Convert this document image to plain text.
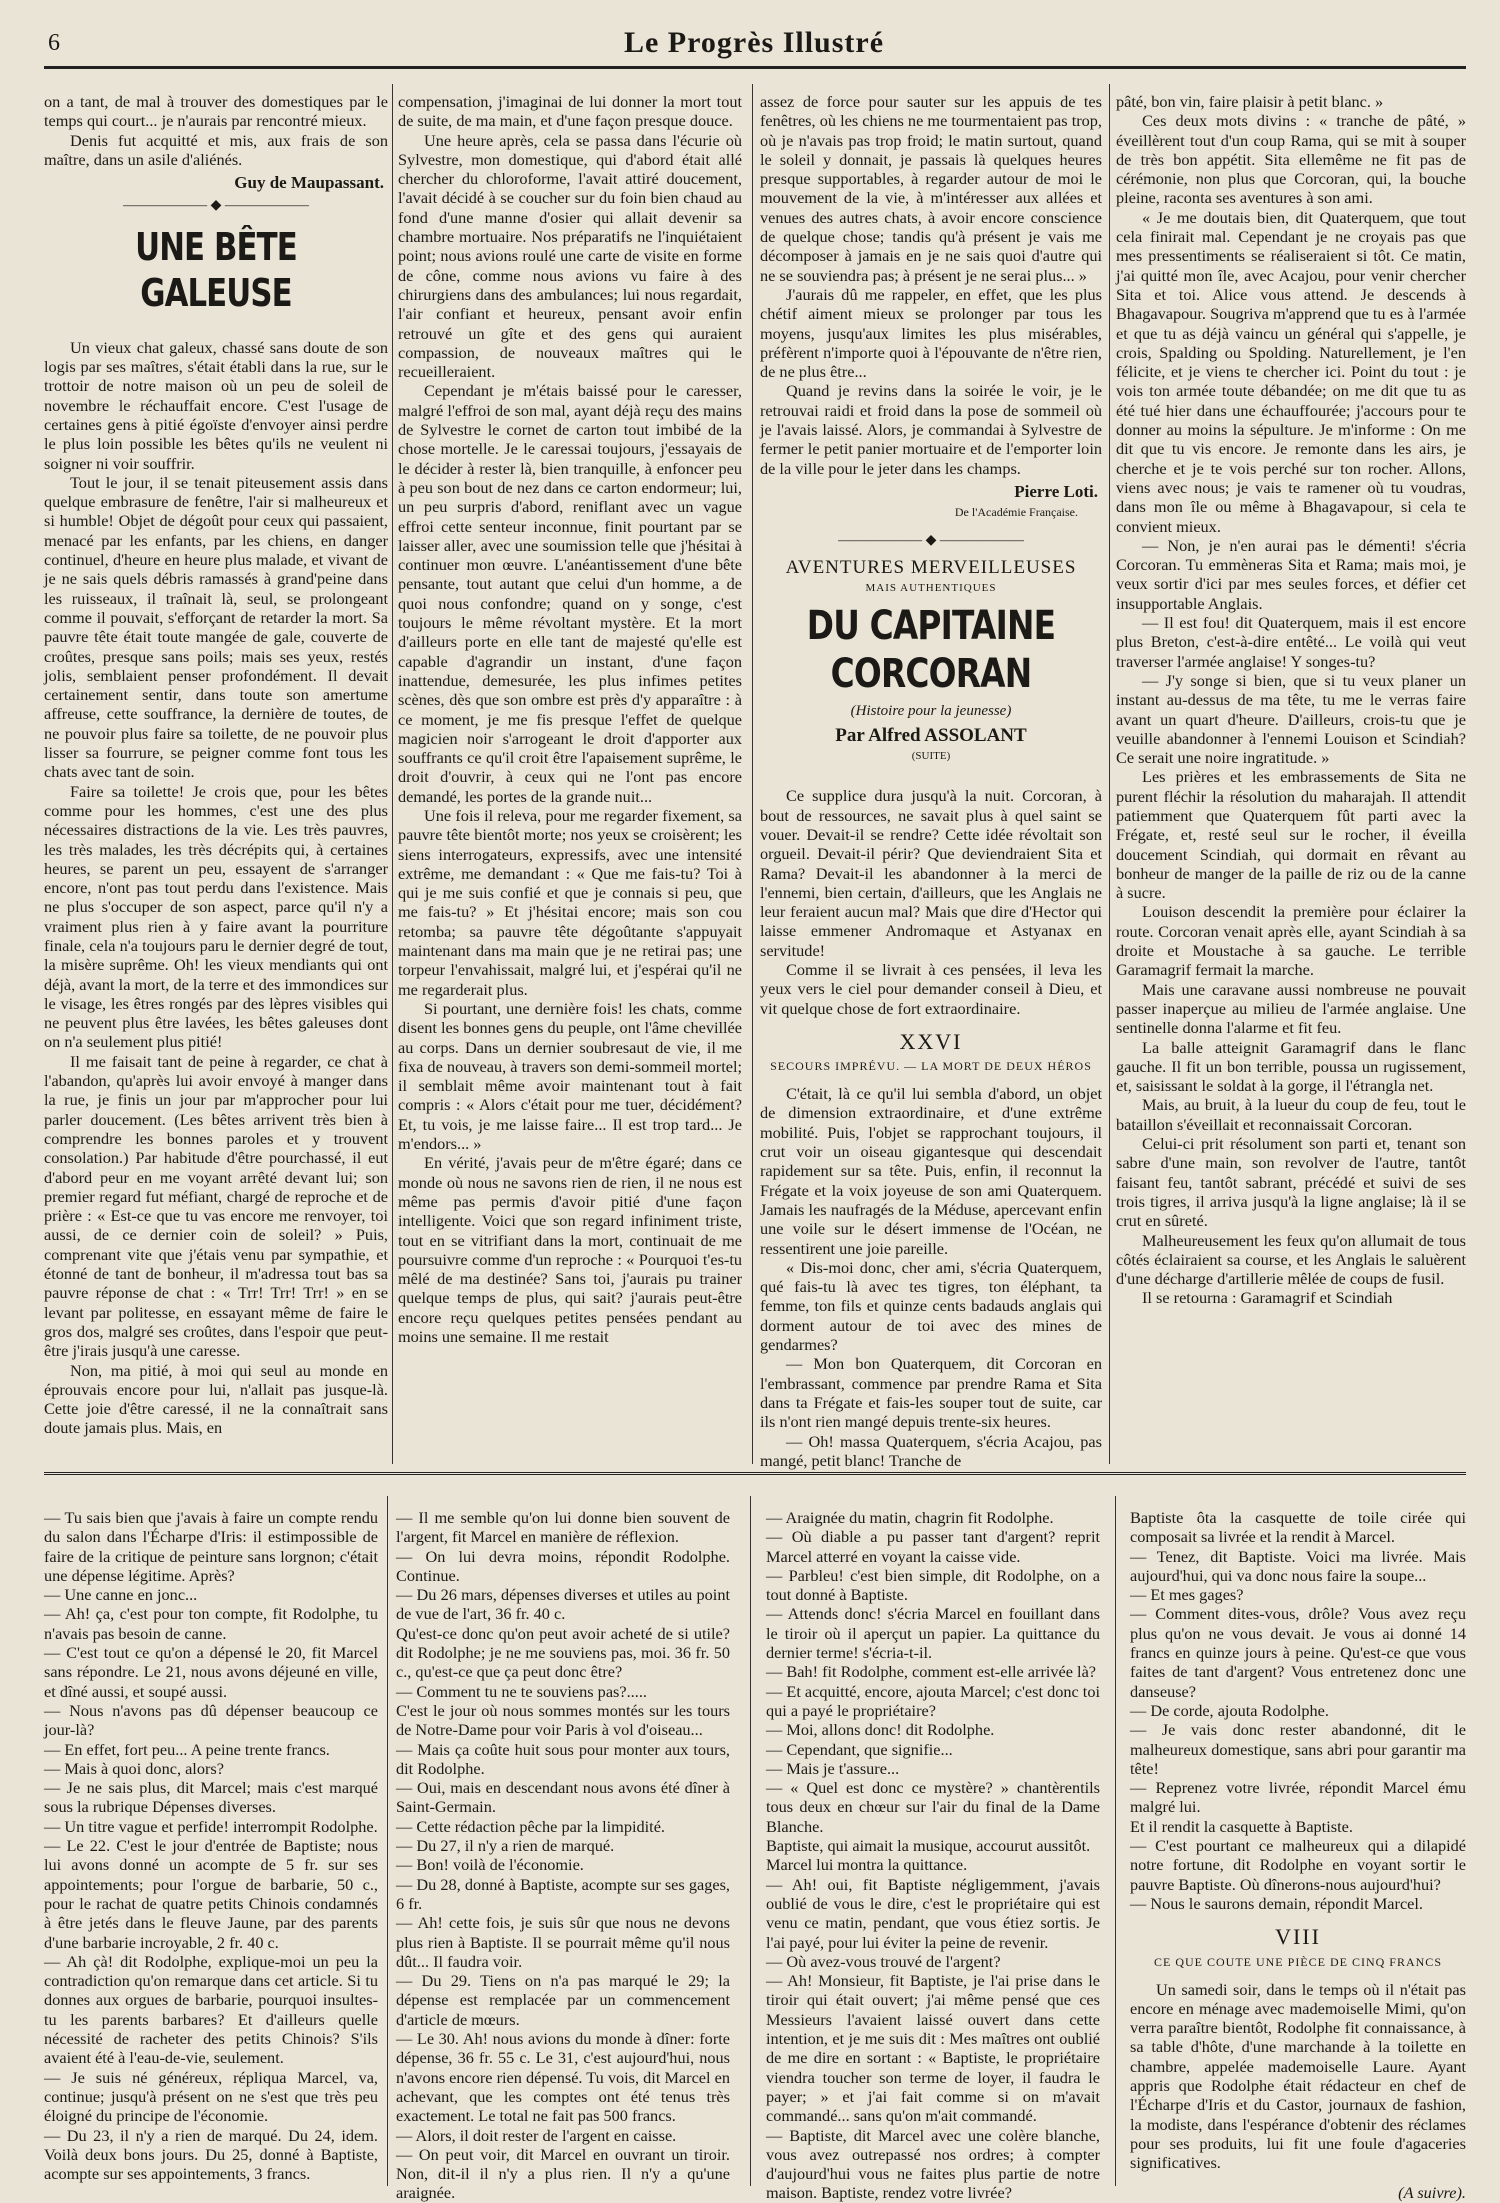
6	Le Progrès Illustré

on a tant, de mal à trouver des domestiques par le temps qui court... je n'aurais par rencontré mieux.

Denis fut acquitté et mis, aux frais de son maître, dans un asile d'aliénés.

Guy de Maupassant.
—————— ◆ ——————
UNE BÊTE GALEUSE

Un vieux chat galeux, chassé sans doute de son logis par ses maîtres, s'était établi dans la rue, sur le trottoir de notre maison où un peu de soleil de novembre le réchauffait encore. C'est l'usage de certaines gens à pitié égoïste d'envoyer ainsi perdre le plus loin possible les bêtes qu'ils ne veulent ni soigner ni voir souffrir.

Tout le jour, il se tenait piteusement assis dans quelque embrasure de fenêtre, l'air si malheureux et si humble! Objet de dégoût pour ceux qui passaient, menacé par les enfants, par les chiens, en danger continuel, d'heure en heure plus malade, et vivant de je ne sais quels débris ramassés à grand'peine dans les ruisseaux, il traînait là, seul, se prolongeant comme il pouvait, s'efforçant de retarder la mort. Sa pauvre tête était toute mangée de gale, couverte de croûtes, presque sans poils; mais ses yeux, restés jolis, semblaient penser profondément. Il devait certainement sentir, dans toute son amertume affreuse, cette souffrance, la dernière de toutes, de ne pouvoir plus faire sa toilette, de ne pouvoir plus lisser sa fourrure, se peigner comme font tous les chats avec tant de soin.

Faire sa toilette! Je crois que, pour les bêtes comme pour les hommes, c'est une des plus nécessaires distractions de la vie. Les très pauvres, les très malades, les très décrépits qui, à certaines heures, se parent un peu, essayent de s'arranger encore, n'ont pas tout perdu dans l'existence. Mais ne plus s'occuper de son aspect, parce qu'il n'y a vraiment plus rien à y faire avant la pourriture finale, cela n'a toujours paru le dernier degré de tout, la misère suprême. Oh! les vieux mendiants qui ont déjà, avant la mort, de la terre et des immondices sur le visage, les êtres rongés par des lèpres visibles qui ne peuvent plus être lavées, les bêtes galeuses dont on n'a seulement plus pitié!

Il me faisait tant de peine à regarder, ce chat à l'abandon, qu'après lui avoir envoyé à manger dans la rue, je finis un jour par m'approcher pour lui parler doucement. (Les bêtes arrivent très bien à comprendre les bonnes paroles et y trouvent consolation.) Par habitude d'être pourchassé, il eut d'abord peur en me voyant arrêté devant lui; son premier regard fut méfiant, chargé de reproche et de prière : « Est-ce que tu vas encore me renvoyer, toi aussi, de ce dernier coin de soleil? » Puis, comprenant vite que j'étais venu par sympathie, et étonné de tant de bonheur, il m'adressa tout bas sa pauvre réponse de chat : « Trr! Trr! Trr! » en se levant par politesse, en essayant même de faire le gros dos, malgré ses croûtes, dans l'espoir que peut-être j'irais jusqu'à une caresse.

Non, ma pitié, à moi qui seul au monde en éprouvais encore pour lui, n'allait pas jusque-là. Cette joie d'être caressé, il ne la connaîtrait sans doute jamais plus. Mais, en

compensation, j'imaginai de lui donner la mort tout de suite, de ma main, et d'une façon presque douce.

Une heure après, cela se passa dans l'écurie où Sylvestre, mon domestique, qui d'abord était allé chercher du chloroforme, l'avait attiré doucement, l'avait décidé à se coucher sur du foin bien chaud au fond d'une manne d'osier qui allait devenir sa chambre mortuaire. Nos préparatifs ne l'inquiétaient point; nous avions roulé une carte de visite en forme de cône, comme nous avions vu faire à des chirurgiens dans des ambulances; lui nous regardait, l'air confiant et heureux, pensant avoir enfin retrouvé un gîte et des gens qui auraient compassion, de nouveaux maîtres qui le recueilleraient.

Cependant je m'étais baissé pour le caresser, malgré l'effroi de son mal, ayant déjà reçu des mains de Sylvestre le cornet de carton tout imbibé de la chose mortelle. Je le caressai toujours, j'essayais de le décider à rester là, bien tranquille, à enfoncer peu à peu son bout de nez dans ce carton endormeur; lui, un peu surpris d'abord, reniflant avec un vague effroi cette senteur inconnue, finit pourtant par se laisser aller, avec une soumission telle que j'hésitai à continuer mon œuvre. L'anéantissement d'une bête pensante, tout autant que celui d'un homme, a de quoi nous confondre; quand on y songe, c'est toujours le même révoltant mystère. Et la mort d'ailleurs porte en elle tant de majesté qu'elle est capable d'agrandir un instant, d'une façon inattendue, demesurée, les plus infimes petites scènes, dès que son ombre est près d'y apparaître : à ce moment, je me fis presque l'effet de quelque magicien noir s'arrogeant le droit d'apporter aux souffrants ce qu'il croit être l'apaisement suprême, le droit d'ouvrir, à ceux qui ne l'ont pas encore demandé, les portes de la grande nuit...

Une fois il releva, pour me regarder fixement, sa pauvre tête bientôt morte; nos yeux se croisèrent; les siens interrogateurs, expressifs, avec une intensité extrême, me demandant : « Que me fais-tu? Toi à qui je me suis confié et que je connais si peu, que me fais-tu? » Et j'hésitai encore; mais son cou retomba; sa pauvre tête dégoûtante s'appuyait maintenant dans ma main que je ne retirai pas; une torpeur l'envahissait, malgré lui, et j'espérai qu'il ne me regarderait plus.

Si pourtant, une dernière fois! les chats, comme disent les bonnes gens du peuple, ont l'âme chevillée au corps. Dans un dernier soubresaut de vie, il me fixa de nouveau, à travers son demi-sommeil mortel; il semblait même avoir maintenant tout à fait compris : « Alors c'était pour me tuer, décidément? Et, tu vois, je me laisse faire... Il est trop tard... Je m'endors... »

En vérité, j'avais peur de m'être égaré; dans ce monde où nous ne savons rien de rien, il ne nous est même pas permis d'avoir pitié d'une façon intelligente. Voici que son regard infiniment triste, tout en se vitrifiant dans la mort, continuait de me poursuivre comme d'un reproche : « Pourquoi t'es-tu mêlé de ma destinée? Sans toi, j'aurais pu trainer quelque temps de plus, qui sait? j'aurais peut-être encore reçu quelques petites pensées pendant au moins une semaine. Il me restait

assez de force pour sauter sur les appuis de tes fenêtres, où les chiens ne me tourmentaient pas trop, où je n'avais pas trop froid; le matin surtout, quand le soleil y donnait, je passais là quelques heures presque supportables, à regarder autour de moi le mouvement de la vie, à m'intéresser aux allées et venues des autres chats, à avoir encore conscience de quelque chose; tandis qu'à présent je vais me décomposer à jamais en je ne sais quoi d'autre qui ne se souviendra pas; à présent je ne serai plus... »

J'aurais dû me rappeler, en effet, que les plus chétif aiment mieux se prolonger par tous les moyens, jusqu'aux limites les plus misérables, préfèrent n'importe quoi à l'épouvante de n'être rien, de ne plus être...

Quand je revins dans la soirée le voir, je le retrouvai raidi et froid dans la pose de sommeil où je l'avais laissé. Alors, je commandai à Sylvestre de fermer le petit panier mortuaire et de l'emporter loin de la ville pour le jeter dans les champs.

Pierre Loti.
De l'Académie Française.
—————— ◆ ——————
AVENTURES MERVEILLEUSES
MAIS AUTHENTIQUES
DU CAPITAINE CORCORAN
(Histoire pour la jeunesse)
Par Alfred ASSOLANT
(SUITE)

Ce supplice dura jusqu'à la nuit. Corcoran, à bout de ressources, ne savait plus à quel saint se vouer. Devait-il se rendre? Cette idée révoltait son orgueil. Devait-il périr? Que deviendraient Sita et Rama? Devait-il les abandonner à la merci de l'ennemi, bien certain, d'ailleurs, que les Anglais ne leur feraient aucun mal? Mais que dire d'Hector qui laisse emmener Andromaque et Astyanax en servitude!

Comme il se livrait à ces pensées, il leva les yeux vers le ciel pour demander conseil à Dieu, et vit quelque chose de fort extraordinaire.

XXVI
SECOURS IMPRÉVU. — LA MORT DE DEUX HÉROS

C'était, là ce qu'il lui sembla d'abord, un objet de dimension extraordinaire, et d'une extrême mobilité. Puis, l'objet se rapprochant toujours, il crut voir un oiseau gigantesque qui descendait rapidement sur sa tête. Puis, enfin, il reconnut la Frégate et la voix joyeuse de son ami Quaterquem. Jamais les naufragés de la Méduse, apercevant enfin une voile sur le désert immense de l'Océan, ne ressentirent une joie pareille.

« Dis-moi donc, cher ami, s'écria Quaterquem, qué fais-tu là avec tes tigres, ton éléphant, ta femme, ton fils et quinze cents badauds anglais qui dorment autour de toi avec des mines de gendarmes?

— Mon bon Quaterquem, dit Corcoran en l'embrassant, commence par prendre Rama et Sita dans ta Frégate et fais-les souper tout de suite, car ils n'ont rien mangé depuis trente-six heures.

— Oh! massa Quaterquem, s'écria Acajou, pas mangé, petit blanc! Tranche de

pâté, bon vin, faire plaisir à petit blanc. »

Ces deux mots divins : « tranche de pâté, » éveillèrent tout d'un coup Rama, qui se mit à souper de très bon appétit. Sita ellemême ne fit pas de cérémonie, non plus que Corcoran, qui, la bouche pleine, raconta ses aventures à son ami.

« Je me doutais bien, dit Quaterquem, que tout cela finirait mal. Cependant je ne croyais pas que mes pressentiments se réaliseraient si tôt. Ce matin, j'ai quitté mon île, avec Acajou, pour venir chercher Sita et toi. Alice vous attend. Je descends à Bhagavapour. Sougriva m'apprend que tu es à l'armée et que tu as déjà vaincu un général qui s'appelle, je crois, Spalding ou Spolding. Naturellement, je l'en félicite, et je viens te chercher ici. Point du tout : je vois ton armée toute débandée; on me dit que tu as été tué hier dans une échauffourée; j'accours pour te donner au moins la sépulture. Je m'informe : On me dit que tu vis encore. Je remonte dans les airs, je cherche et je te vois perché sur ton rocher. Allons, viens avec nous; je vais te ramener où tu voudras, dans mon île ou même à Bhagavapour, si cela te convient mieux.

— Non, je n'en aurai pas le démenti! s'écria Corcoran. Tu emmèneras Sita et Rama; mais moi, je veux sortir d'ici par mes seules forces, et défier cet insupportable Anglais.

— Il est fou! dit Quaterquem, mais il est encore plus Breton, c'est-à-dire entêté... Le voilà qui veut traverser l'armée anglaise! Y songes-tu?

— J'y songe si bien, que si tu veux planer un instant au-dessus de ma tête, tu me le verras faire avant un quart d'heure. D'ailleurs, crois-tu que je veuille abandonner à l'ennemi Louison et Scindiah? Ce serait une noire ingratitude. »

Les prières et les embrassements de Sita ne purent fléchir la résolution du maharajah. Il attendit patiemment que Quaterquem fût parti avec la Frégate, et, resté seul sur le rocher, il éveilla doucement Scindiah, qui dormait en rêvant au bonheur de manger de la paille de riz ou de la canne à sucre.

Louison descendit la première pour éclairer la route. Corcoran venait après elle, ayant Scindiah à sa droite et Moustache à sa gauche. Le terrible Garamagrif fermait la marche.

Mais une caravane aussi nombreuse ne pouvait passer inaperçue au milieu de l'armée anglaise. Une sentinelle donna l'alarme et fit feu.

La balle atteignit Garamagrif dans le flanc gauche. Il fit un bon terrible, poussa un rugissement, et, saisissant le soldat à la gorge, il l'étrangla net.

Mais, au bruit, à la lueur du coup de feu, tout le bataillon s'éveillait et reconnaissait Corcoran.

Celui-ci prit résolument son parti et, tenant son sabre d'une main, son revolver de l'autre, tantôt faisant feu, tantôt sabrant, précédé et suivi de ses trois tigres, il arriva jusqu'à la ligne anglaise; là il se crut en sûreté.

Malheureusement les feux qu'on allumait de tous côtés éclairaient sa course, et les Anglais le saluèrent d'une décharge d'artillerie mêlée de coups de fusil.

Il se retourna : Garamagrif et Scindiah

— Tu sais bien que j'avais à faire un compte rendu du salon dans l'Écharpe d'Iris: il estimpossible de faire de la critique de peinture sans lorgnon; c'était une dépense légitime. Après?
— Une canne en jonc...
— Ah! ça, c'est pour ton compte, fit Rodolphe, tu n'avais pas besoin de canne.
— C'est tout ce qu'on a dépensé le 20, fit Marcel sans répondre. Le 21, nous avons déjeuné en ville, et dîné aussi, et soupé aussi.
— Nous n'avons pas dû dépenser beaucoup ce jour-là?
— En effet, fort peu... A peine trente francs.
— Mais à quoi donc, alors?
— Je ne sais plus, dit Marcel; mais c'est marqué sous la rubrique Dépenses diverses.
— Un titre vague et perfide! interrompit Rodolphe.
— Le 22. C'est le jour d'entrée de Baptiste; nous lui avons donné un acompte de 5 fr. sur ses appointements; pour l'orgue de barbarie, 50 c., pour le rachat de quatre petits Chinois condamnés à être jetés dans le fleuve Jaune, par des parents d'une barbarie incroyable, 2 fr. 40 c.
— Ah çà! dit Rodolphe, explique-moi un peu la contradiction qu'on remarque dans cet article. Si tu donnes aux orgues de barbarie, pourquoi insultes-tu les parents barbares? Et d'ailleurs quelle nécessité de racheter des petits Chinois? S'ils avaient été à l'eau-de-vie, seulement.
— Je suis né généreux, répliqua Marcel, va, continue; jusqu'à présent on ne s'est que très peu éloigné du principe de l'économie.
— Du 23, il n'y a rien de marqué. Du 24, idem. Voilà deux bons jours. Du 25, donné à Baptiste, acompte sur ses appointements, 3 francs.

— Il me semble qu'on lui donne bien souvent de l'argent, fit Marcel en manière de réflexion.
— On lui devra moins, répondit Rodolphe. Continue.
— Du 26 mars, dépenses diverses et utiles au point de vue de l'art, 36 fr. 40 c.
Qu'est-ce donc qu'on peut avoir acheté de si utile? dit Rodolphe; je ne me souviens pas, moi. 36 fr. 50 c., qu'est-ce que ça peut donc être?
— Comment tu ne te souviens pas?.....
C'est le jour où nous sommes montés sur les tours de Notre-Dame pour voir Paris à vol d'oiseau...
— Mais ça coûte huit sous pour monter aux tours, dit Rodolphe.
— Oui, mais en descendant nous avons été dîner à Saint-Germain.
— Cette rédaction pêche par la limpidité.
— Du 27, il n'y a rien de marqué.
— Bon! voilà de l'économie.
— Du 28, donné à Baptiste, acompte sur ses gages, 6 fr.
— Ah! cette fois, je suis sûr que nous ne devons plus rien à Baptiste. Il se pourrait même qu'il nous dût... Il faudra voir.
— Du 29. Tiens on n'a pas marqué le 29; la dépense est remplacée par un commencement d'article de mœurs.
— Le 30. Ah! nous avions du monde à dîner: forte dépense, 36 fr. 55 c. Le 31, c'est aujourd'hui, nous n'avons encore rien dépensé. Tu vois, dit Marcel en achevant, que les comptes ont été tenus très exactement. Le total ne fait pas 500 francs.
— Alors, il doit rester de l'argent en caisse.
— On peut voir, dit Marcel en ouvrant un tiroir. Non, dit-il il n'y a plus rien. Il n'y a qu'une araignée.

— Araignée du matin, chagrin fit Rodolphe.
— Où diable a pu passer tant d'argent? reprit Marcel atterré en voyant la caisse vide.
— Parbleu! c'est bien simple, dit Rodolphe, on a tout donné à Baptiste.
— Attends donc! s'écria Marcel en fouillant dans le tiroir où il aperçut un papier. La quittance du dernier terme! s'écria-t-il.
— Bah! fit Rodolphe, comment est-elle arrivée là?
— Et acquitté, encore, ajouta Marcel; c'est donc toi qui a payé le propriétaire?
— Moi, allons donc! dit Rodolphe.
— Cependant, que signifie...
— Mais je t'assure...
— « Quel est donc ce mystère? » chantèrentils tous deux en chœur sur l'air du final de la Dame Blanche.
Baptiste, qui aimait la musique, accourut aussitôt.
Marcel lui montra la quittance.
— Ah! oui, fit Baptiste négligemment, j'avais oublié de vous le dire, c'est le propriétaire qui est venu ce matin, pendant, que vous étiez sortis. Je l'ai payé, pour lui éviter la peine de revenir.
— Où avez-vous trouvé de l'argent?
— Ah! Monsieur, fit Baptiste, je l'ai prise dans le tiroir qui était ouvert; j'ai même pensé que ces Messieurs l'avaient laissé ouvert dans cette intention, et je me suis dit : Mes maîtres ont oublié de me dire en sortant : « Baptiste, le propriétaire viendra toucher son terme de loyer, il faudra le payer; » et j'ai fait comme si on m'avait commandé... sans qu'on m'ait commandé.
— Baptiste, dit Marcel avec une colère blanche, vous avez outrepassé nos ordres; à compter d'aujourd'hui vous ne faites plus partie de notre maison. Baptiste, rendez votre livrée?

Baptiste ôta la casquette de toile cirée qui composait sa livrée et la rendit à Marcel.
— Tenez, dit Baptiste. Voici ma livrée. Mais aujourd'hui, qui va donc nous faire la soupe...
— Et mes gages?
— Comment dites-vous, drôle? Vous avez reçu plus qu'on ne vous devait. Je vous ai donné 14 francs en quinze jours à peine. Qu'est-ce que vous faites de tant d'argent? Vous entretenez donc une danseuse?
— De corde, ajouta Rodolphe.
— Je vais donc rester abandonné, dit le malheureux domestique, sans abri pour garantir ma tête!
— Reprenez votre livrée, répondit Marcel ému malgré lui.
Et il rendit la casquette à Baptiste.
— C'est pourtant ce malheureux qui a dilapidé notre fortune, dit Rodolphe en voyant sortir le pauvre Baptiste. Où dînerons-nous aujourd'hui?
— Nous le saurons demain, répondit Marcel.

VIII
CE QUE COUTE UNE PIÈCE DE CINQ FRANCS

Un samedi soir, dans le temps où il n'était pas encore en ménage avec mademoiselle Mimi, qu'on verra paraître bientôt, Rodolphe fit connaissance, à sa table d'hôte, d'une marchande à la toilette en chambre, appelée mademoiselle Laure. Ayant appris que Rodolphe était rédacteur en chef de l'Écharpe d'Iris et du Castor, journaux de fashion, la modiste, dans l'espérance d'obtenir des réclames pour ses produits, lui fit une foule d'agaceries significatives.

(A suivre).
